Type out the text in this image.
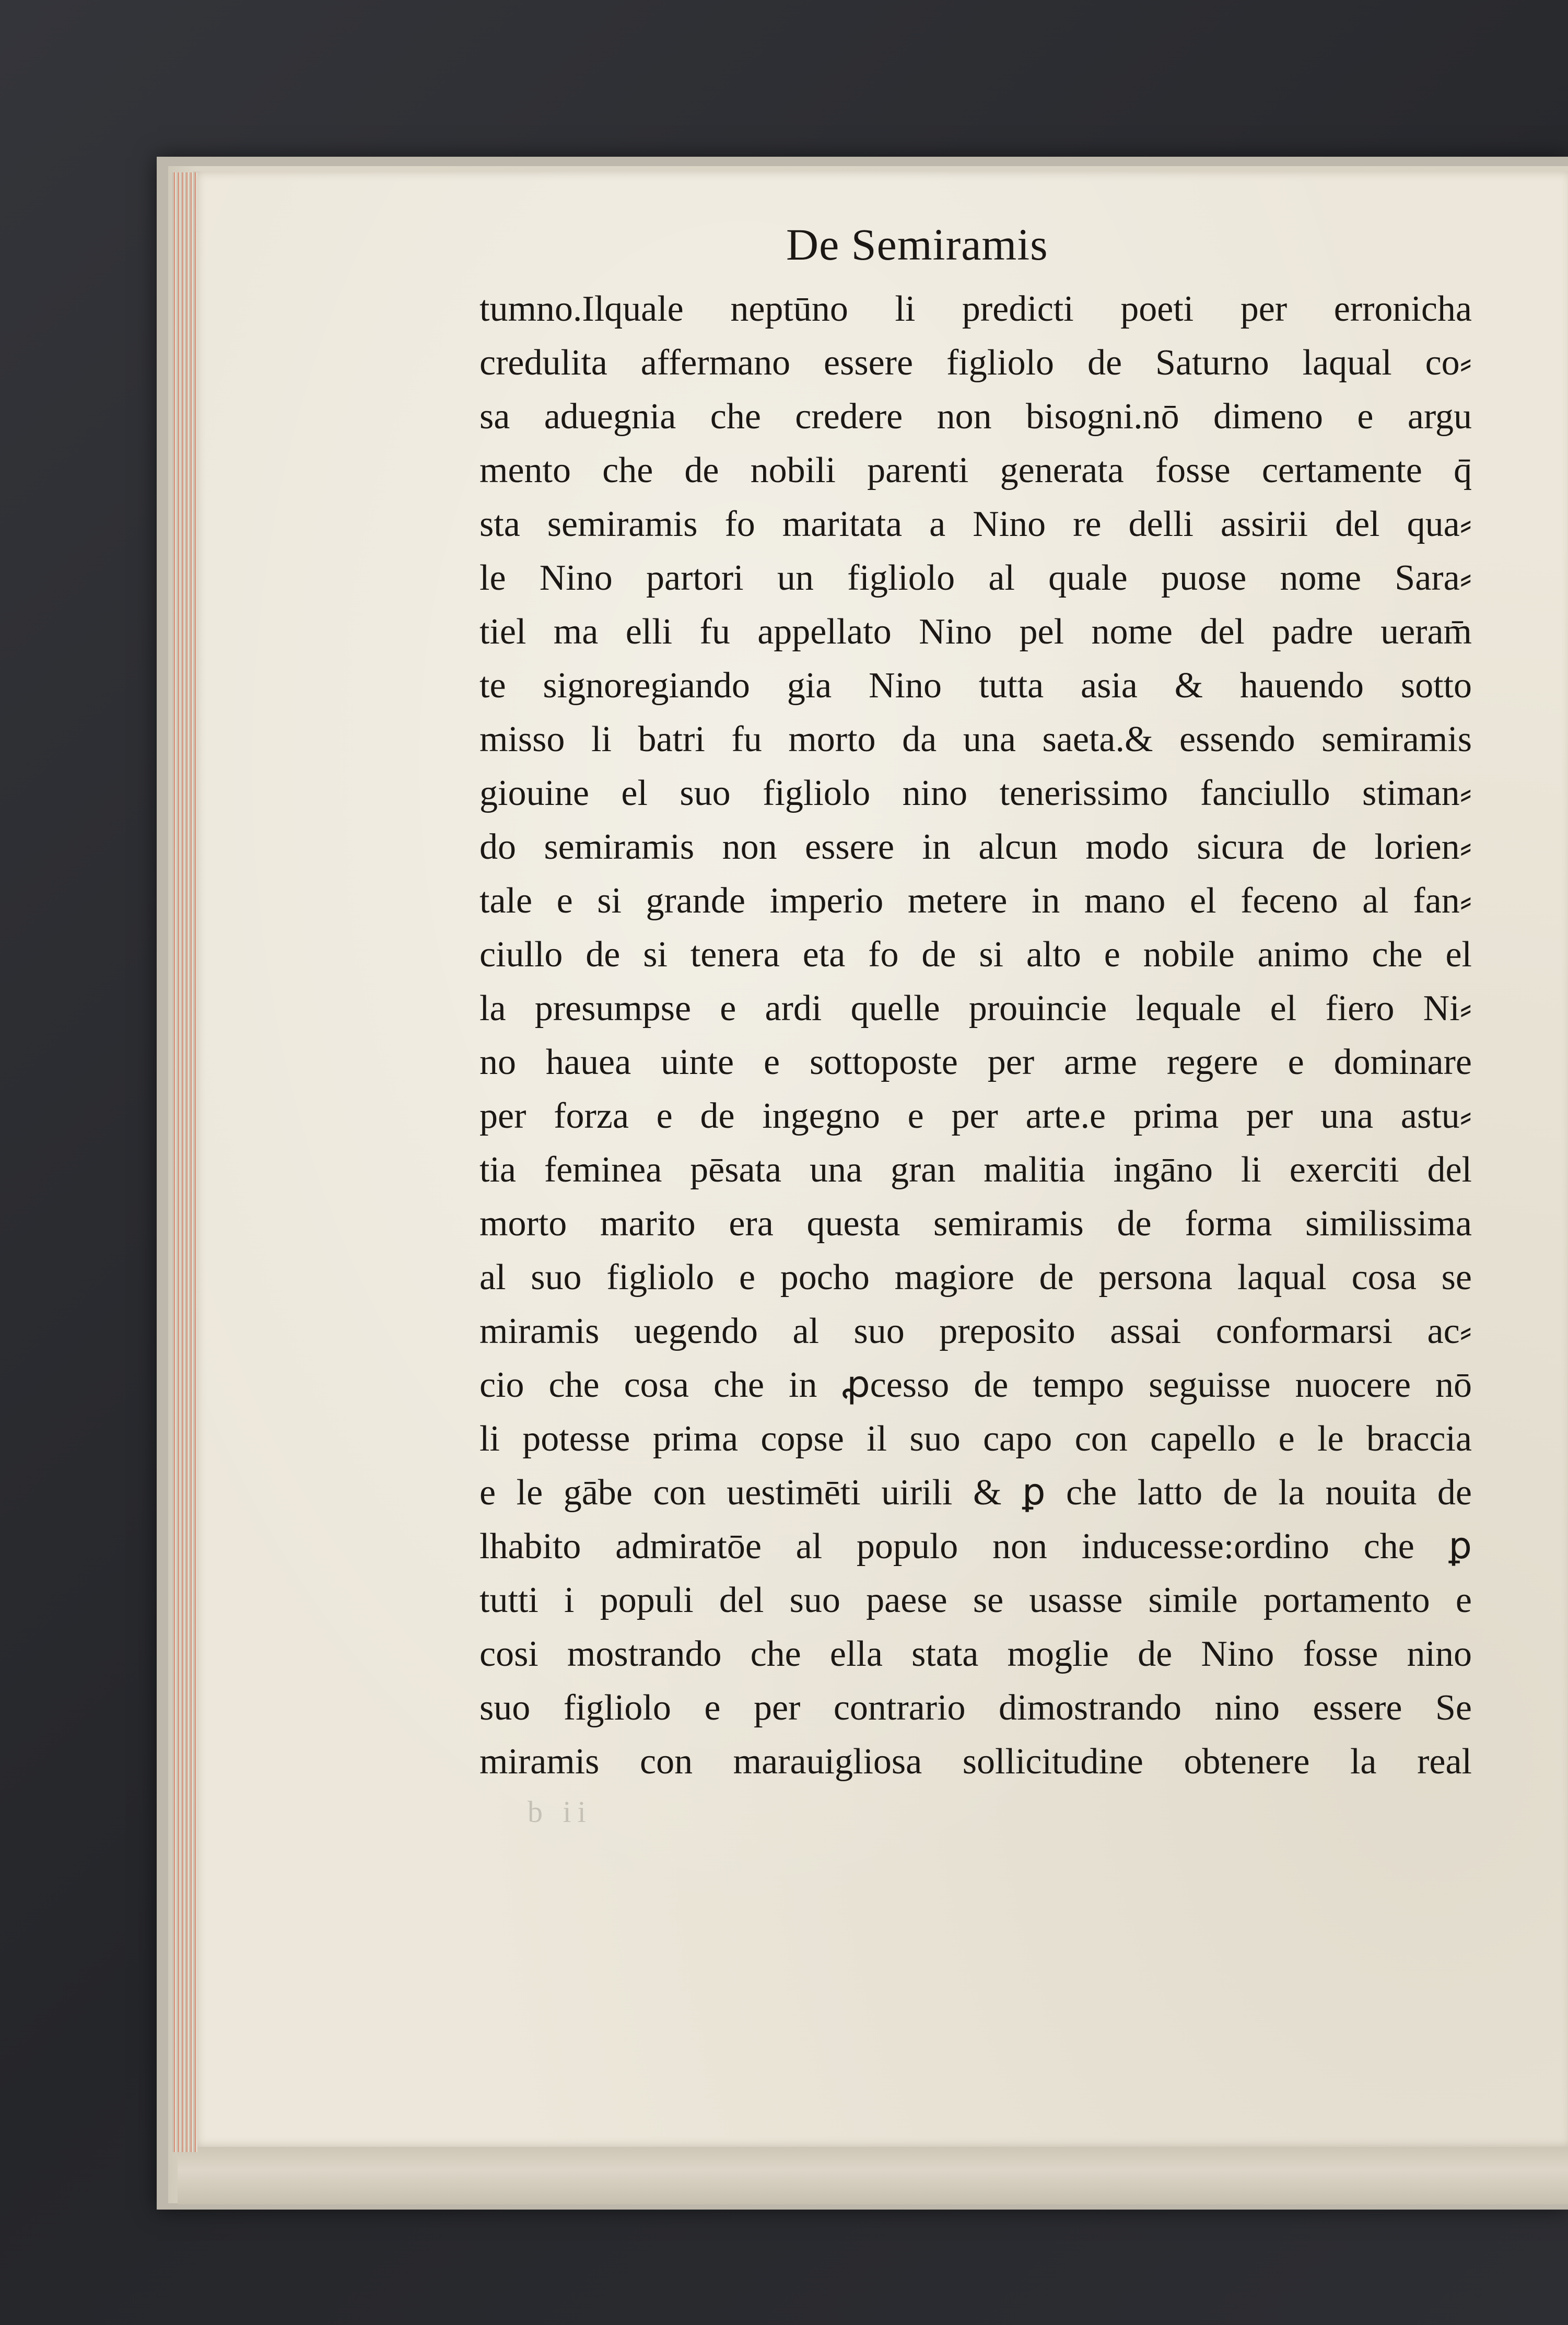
De Semiramis
tumno.Ilquale neptūno li predicti poeti per erronicha
credulita affermano essere figliolo de Saturno laqual co⸗
sa aduegnia che credere non bisogni.nō dimeno e argu
mento che de nobili parenti generata fosse certamente q̄
sta semiramis fo maritata a Nino re delli assirii del qua⸗
le Nino partori un figliolo al quale puose nome Sara⸗
tiel ma elli fu appellato Nino pel nome del padre ueram̄
te signoregiando gia Nino tutta asia & hauendo sotto
misso li batri fu morto da una saeta.& essendo semiramis
giouine el suo figliolo nino tenerissimo fanciullo stiman⸗
do semiramis non essere in alcun modo sicura de lorien⸗
tale e si grande imperio metere in mano el feceno al fan⸗
ciullo de si tenera eta fo de si alto e nobile animo che el
la presumpse e ardi quelle prouincie lequale el fiero Ni⸗
no hauea uinte e sottoposte per arme regere e dominare
per forza e de ingegno e per arte.e prima per una astu⸗
tia feminea pēsata una gran malitia ingāno li exerciti del
morto marito era questa semiramis de forma similissima
al suo figliolo e pocho magiore de persona laqual cosa se
miramis uegendo al suo preposito assai conformarsi ac⸗
cio che cosa che in ꝓcesso de tempo seguisse nuocere nō
li potesse prima copse il suo capo con capello e le braccia
e le gābe con uestimēti uirili & ꝑ che latto de la nouita de
lhabito admiratōe al populo non inducesse:ordino che ꝑ
tutti i populi del suo paese se usasse simile portamento e
cosi mostrando che ella stata moglie de Nino fosse nino
suo figliolo e per contrario dimostrando nino essere Se
miramis con marauigliosa sollicitudine obtenere la real
b ii
